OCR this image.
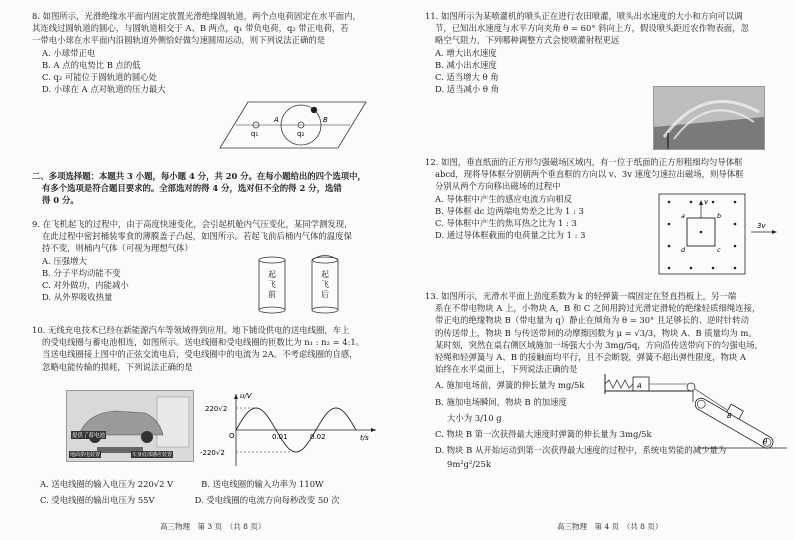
8. 如图所示，光滑绝缘水平面内固定放置光滑绝缘圆轨道，两个点电荷固定在水平面内，

其连线过圆轨道的圆心，与圆轨道相交于 A、B 两点，q₁ 带负电荷，q₂ 带正电荷，若

一带电小球在水平面内沿圆轨道外侧恰好做匀速圆周运动，则下列说法正确的是

A. 小球带正电

B. A 点的电势比 B 点的低

C. q₂ 可能位于圆轨道的圆心处

D. 小球在 A 点对轨道的压力最大

q₁	q₂
A	B

二、多项选择题：本题共 3 小题，每小题 4 分，共 20 分。在每小题给出的四个选项中，

有多个选项是符合题目要求的。全部选对的得 4 分，选对但不全的得 2 分，选错

得 0 分。

9. 在飞机起飞的过程中，由于高度快速变化，会引起机舱内气压变化，某同学测发现，

在此过程中密封桶装零食的薄膜盖子凸起，如图所示。若起飞前后桶内气体的温度保

持不变，则桶内气体（可视为理想气体）

A. 压强增大

B. 分子平均动能不变

C. 对外做功，内能减小

D. 从外界吸收热量

起飞前
起飞后

10. 无线充电技术已经在新能源汽车等领域得到应用。地下铺设供电的送电线圈，车上

的受电线圈与蓄电池相连，如图所示。送电线圈和受电线圈的匝数比为 n₁ : n₂ = 4:1。

当送电线圈接上图中的正弦交流电后，受电线圈中的电流为 2A。不考虑线圈的自感，

忽略电能传输的损耗，下列说法正确的是

提供了蓄电池
地面供电装置	车身底部感应装置
u/V
t/s
220√2
-220√2
O	0.01	0.02

A. 送电线圈的输入电压为 220√2 V	B. 送电线圈的输入功率为 110W

C. 受电线圈的输出电压为 55V	D. 受电线圈的电流方向每秒改变 50 次

高三物理　第 3 页　（共 8 页）

11. 如图所示为某喷灌机的喷头正在进行农田喷灌，喷头出水速度的大小和方向可以调

节，已知出水速度与水平方向夹角 θ = 60° 斜向上方，假设喷头距近农作物表面，忽

略空气阻力，下列哪种调整方式会使喷灌射程更远

A. 增大出水速度

B. 减小出水速度

C. 适当增大 θ 角

D. 适当减小 θ 角

12. 如图，垂直纸面的正方形匀强磁场区域内，有一位于纸面的正方形粗细均匀导体框

abcd，现将导体框分别朝两个垂直框的方向以 v、3v 速度匀速拉出磁场，则导体框

分别从两个方向移出磁场的过程中

A. 导体框中产生的感应电流方向相反

B. 导体框 dc 边两端电势差之比为 1 : 3

C. 导体框中产生的焦耳热之比为 1 : 3

D. 通过导体框截面的电荷量之比为 1 : 3

v
3v
a	b
c
d

13. 如图所示，光滑水平面上劲度系数为 k 的轻弹簧一端固定在竖直挡板上，另一端

系在不带电物块 A 上，小物块 A，B 和 C 之间用跨过光滑定滑轮的绝缘轻质细绳连接，

带正电的绝缘物块 B（带电量为 q）静止在倾角为 θ = 30° 且足够长的、逆时针转动

的传送带上，物块 B 与传送带间的动摩擦因数为 μ = √3/3，物块 A、B 质量均为 m。

某时刻，突然在桌右侧区域施加一场强大小为 3mg/5q，方向沿传送带向下的匀强电场，

轻绳和轻弹簧与 A、B 的接触面均平行，且不会断裂，弹簧不超出弹性限度，物块 A

始终在水平桌面上，下列说法正确的是

A. 施加电场前，弹簧的伸长量为 mg/5k

B. 施加电场瞬间，物块 B 的加速度

大小为 3/10 g

C. 物块 B 第一次获得最大速度时弹簧的伸长量为 3mg/5k

D. 物块 B 从开始运动到第一次获得最大速度的过程中，系统电势能的减少量为

9m²g²/25k

A
B
θ
高三物理　第 4 页　（共 8 页）
